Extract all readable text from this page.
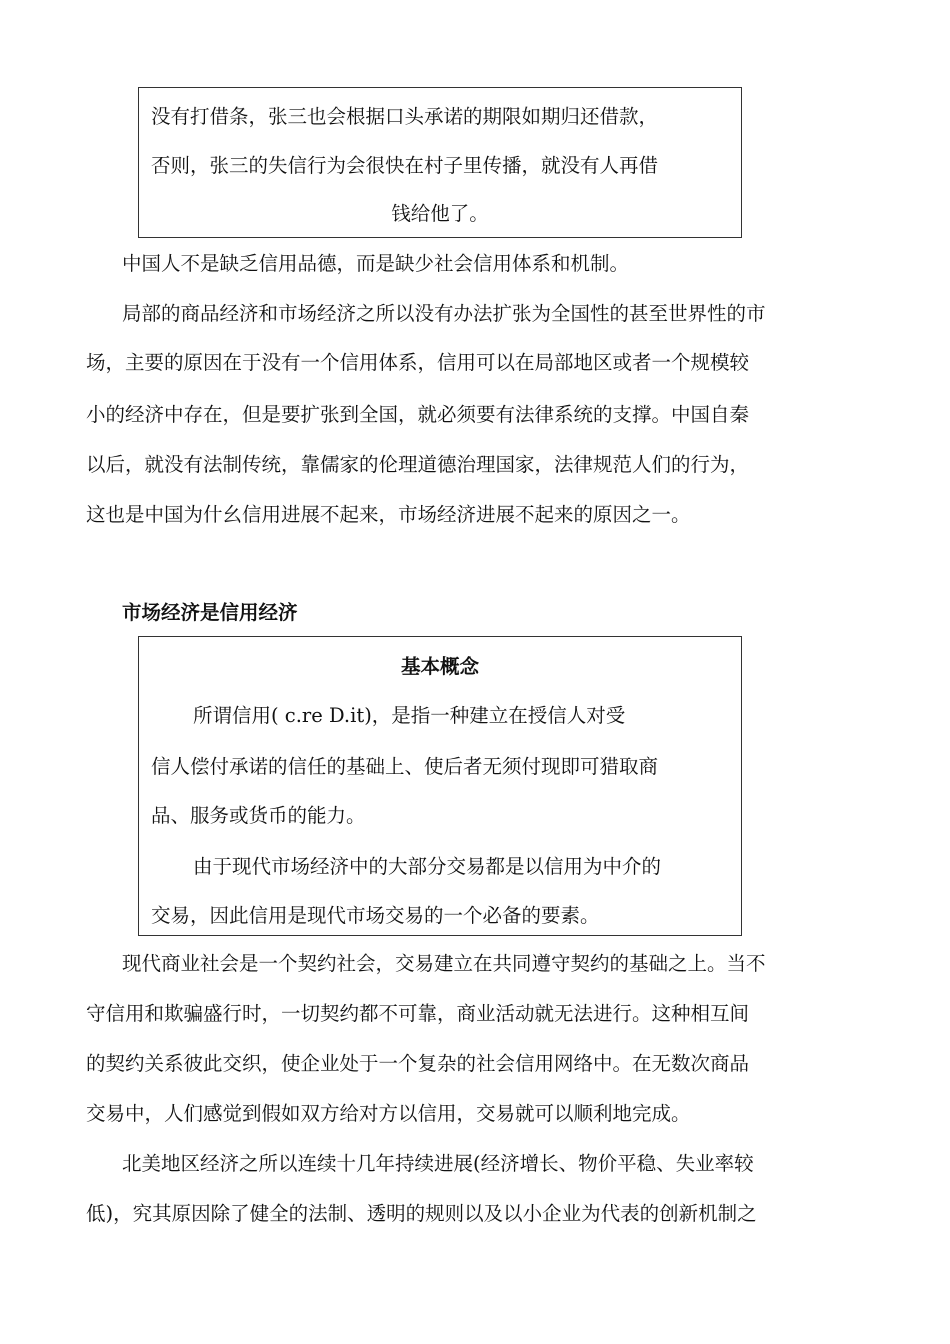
没有打借条，张三也会根据口头承诺的期限如期归还借款，
否则，张三的失信行为会很快在村子里传播，就没有人再借
钱给他了。
中国人不是缺乏信用品德，而是缺少社会信用体系和机制。
局部的商品经济和市场经济之所以没有办法扩张为全国性的甚至世界性的市
场，主要的原因在于没有一个信用体系，信用可以在局部地区或者一个规模较
小的经济中存在，但是要扩张到全国，就必须要有法律系统的支撑。中国自秦
以后，就没有法制传统，靠儒家的伦理道德治理国家，法律规范人们的行为，
这也是中国为什幺信用进展不起来，市场经济进展不起来的原因之一。
市场经济是信用经济
基本概念
所谓信用( c.re D.it)，是指一种建立在授信人对受
信人偿付承诺的信任的基础上、使后者无须付现即可猎取商
品、服务或货币的能力。
由于现代市场经济中的大部分交易都是以信用为中介的
交易，因此信用是现代市场交易的一个必备的要素。
现代商业社会是一个契约社会，交易建立在共同遵守契约的基础之上。当不
守信用和欺骗盛行时，一切契约都不可靠，商业活动就无法进行。这种相互间
的契约关系彼此交织，使企业处于一个复杂的社会信用网络中。在无数次商品
交易中，人们感觉到假如双方给对方以信用，交易就可以顺利地完成。
北美地区经济之所以连续十几年持续进展(经济增长、物价平稳、失业率较
低)，究其原因除了健全的法制、透明的规则以及以小企业为代表的创新机制之
